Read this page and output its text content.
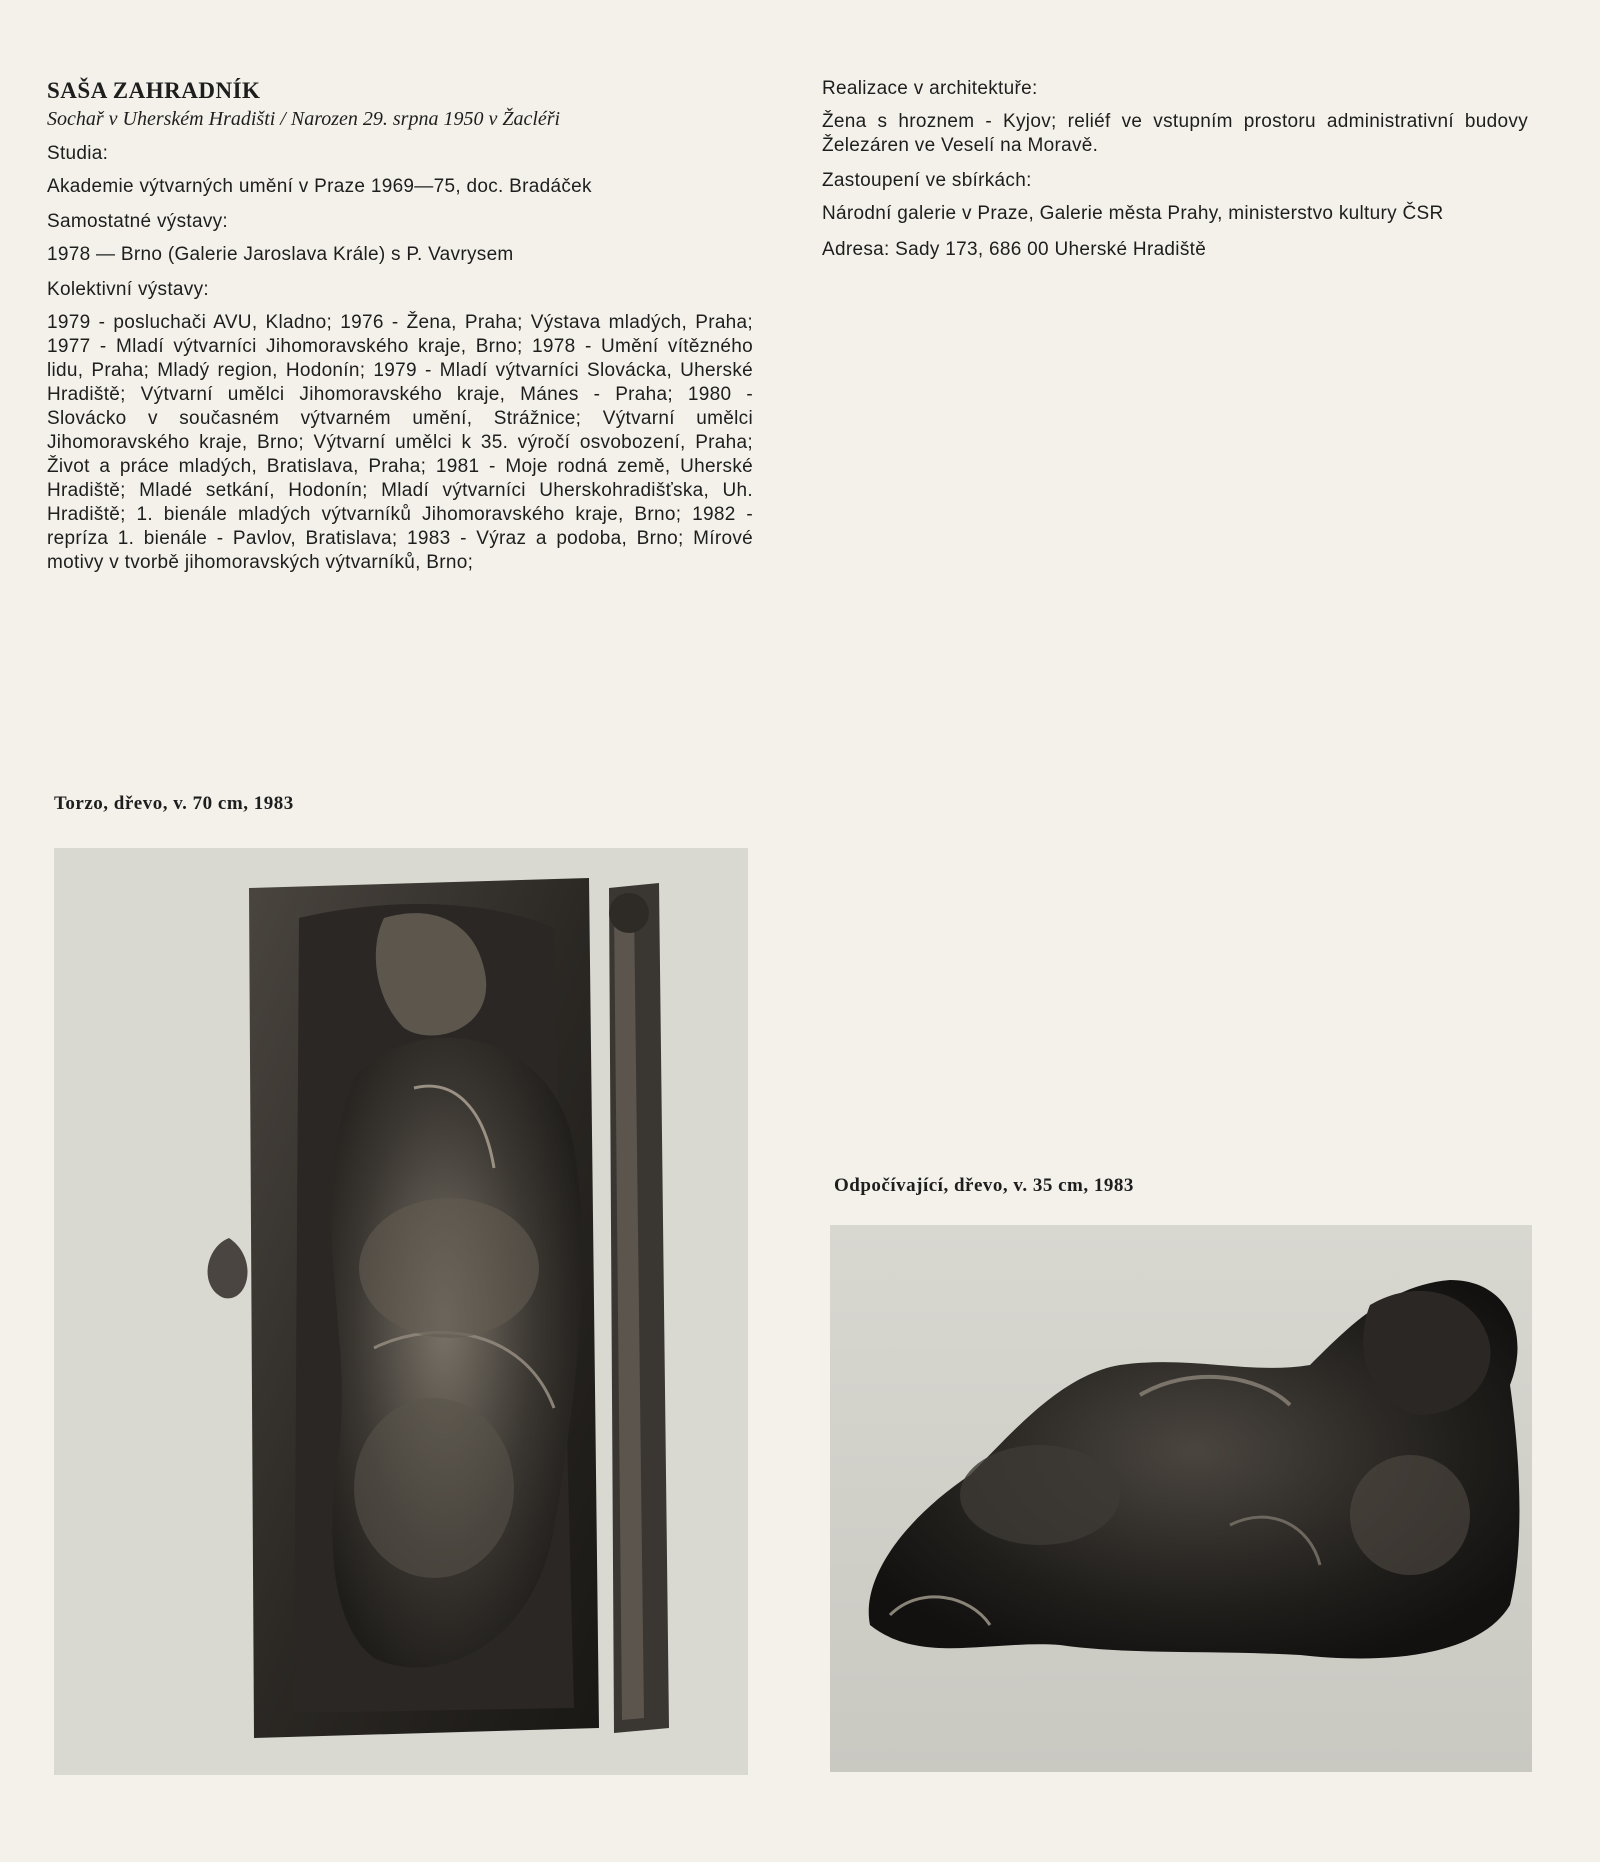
SAŠA ZAHRADNÍK
Sochař v Uherském Hradišti / Narozen 29. srpna 1950 v Žacléři
Studia:
Akademie výtvarných umění v Praze 1969—75, doc. Bradáček
Samostatné výstavy:
1978 — Brno (Galerie Jaroslava Krále) s P. Vavrysem
Kolektivní výstavy:
1979 - posluchači AVU, Kladno; 1976 - Žena, Praha; Výstava mladých, Praha; 1977 - Mladí výtvarníci Jihomoravského kraje, Brno; 1978 - Umění vítězného lidu, Praha; Mladý region, Hodonín; 1979 - Mladí výtvarníci Slovácka, Uherské Hradiště; Výtvarní umělci Jihomoravského kraje, Mánes - Praha; 1980 - Slovácko v současném výtvarném umění, Strážnice; Výtvarní umělci Jihomoravského kraje, Brno; Výtvarní umělci k 35. výročí osvobození, Praha; Život a práce mladých, Bratislava, Praha; 1981 - Moje rodná země, Uherské Hradiště; Mladé setkání, Hodonín; Mladí výtvarníci Uherskohradišťska, Uh. Hradiště; 1. bienále mladých výtvarníků Jihomoravského kraje, Brno; 1982 - repríza 1. bienále - Pavlov, Bratislava; 1983 - Výraz a podoba, Brno; Mírové motivy v tvorbě jihomoravských výtvarníků, Brno;
Realizace v architektuře:
Žena s hroznem - Kyjov; reliéf ve vstupním prostoru administrativní budovy Železáren ve Veselí na Moravě.
Zastoupení ve sbírkách:
Národní galerie v Praze, Galerie města Prahy, ministerstvo kultury ČSR
Adresa: Sady 173, 686 00 Uherské Hradiště
Torzo, dřevo, v. 70 cm, 1983
Odpočívající, dřevo, v. 35 cm, 1983
